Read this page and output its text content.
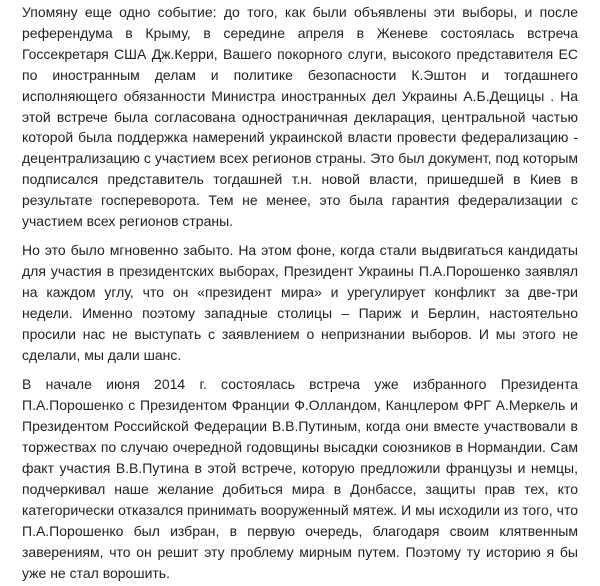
Упомяну еще одно событие: до того, как были объявлены эти выборы, и после референдума в Крыму, в середине апреля в Женеве состоялась встреча Госсекретаря США Дж.Керри, Вашего покорного слуги, высокого представителя ЕС по иностранным делам и политике безопасности К.Эштон и тогдашнего исполняющего обязанности Министра иностранных дел Украины А.Б.Дещицы . На этой встрече была согласована одностраничная декларация, центральной частью которой была поддержка намерений украинской власти провести федерализацию - децентрализацию с участием всех регионов страны. Это был документ, под которым подписался представитель тогдашней т.н. новой власти, пришедшей в Киев в результате госпереворота. Тем не менее, это была гарантия федерализации с участием всех регионов страны.

Но это было мгновенно забыто. На этом фоне, когда стали выдвигаться кандидаты для участия в президентских выборах, Президент Украины П.А.Порошенко заявлял на каждом углу, что он «президент мира» и урегулирует конфликт за две-три недели. Именно поэтому западные столицы – Париж и Берлин, настоятельно просили нас не выступать с заявлением о непризнании выборов. И мы этого не сделали, мы дали шанс.

В начале июня 2014 г. состоялась встреча уже избранного Президента П.А.Порошенко с Президентом Франции Ф.Олландом, Канцлером ФРГ А.Меркель и Президентом Российской Федерации В.В.Путиным, когда они вместе участвовали в торжествах по случаю очередной годовщины высадки союзников в Нормандии. Сам факт участия В.В.Путина в этой встрече, которую предложили французы и немцы, подчеркивал наше желание добиться мира в Донбассе, защиты прав тех, кто категорически отказался принимать вооруженный мятеж. И мы исходили из того, что П.А.Порошенко был избран, в первую очередь, благодаря своим клятвенным заверениям, что он решит эту проблему мирным путем. Поэтому ту историю я бы уже не стал ворошить.
